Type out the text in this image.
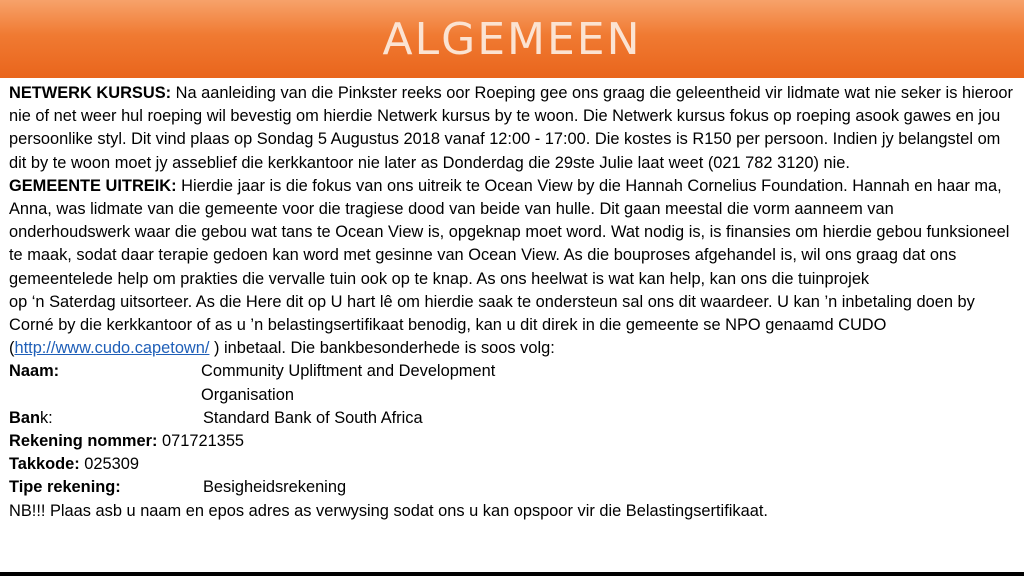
ALGEMEEN

NETWERK KURSUS: Na aanleiding van die Pinkster reeks oor Roeping gee ons graag die geleentheid vir lidmate wat nie seker is hieroor nie of net weer hul roeping wil bevestig om hierdie Netwerk kursus by te woon. Die Netwerk kursus fokus op roeping asook gawes en jou persoonlike styl. Dit vind plaas op Sondag 5 Augustus 2018 vanaf 12:00 - 17:00. Die kostes is R150 per persoon. Indien jy belangstel om dit by te woon moet jy asseblief die kerkkantoor nie later as Donderdag die 29ste Julie laat weet (021 782 3120) nie.

GEMEENTE UITREIK: Hierdie jaar is die fokus van ons uitreik te Ocean View by die Hannah Cornelius Foundation. Hannah en haar ma, Anna, was lidmate van die gemeente voor die tragiese dood van beide van hulle. Dit gaan meestal die vorm aanneem van onderhoudswerk waar die gebou wat tans te Ocean View is, opgeknap moet word. Wat nodig is, is finansies om hierdie gebou funksioneel te maak, sodat daar terapie gedoen kan word met gesinne van Ocean View. As die bouproses afgehandel is, wil ons graag dat ons gemeentelede help om prakties die vervalle tuin ook op te knap. As ons heelwat is wat kan help, kan ons die tuinprojek

op ‘n Saterdag uitsorteer. As die Here dit op U hart lê om hierdie saak te ondersteun sal ons dit waardeer. U kan ’n inbetaling doen by Corné by die kerkkantoor of as u ’n belastingsertifikaat benodig, kan u dit direk in die gemeente se NPO genaamd CUDO (http://www.cudo.capetown/ ) inbetaal. Die bankbesonderhede is soos volg:

Naam:	Community Upliftment and Development
Organisation
Bank:	Standard Bank of South Africa

Rekening nommer: 071721355

Takkode: 025309

Tipe rekening:	Besigheidsrekening

NB!!! Plaas asb u naam en epos adres as verwysing sodat ons u kan opspoor vir die Belastingsertifikaat.
